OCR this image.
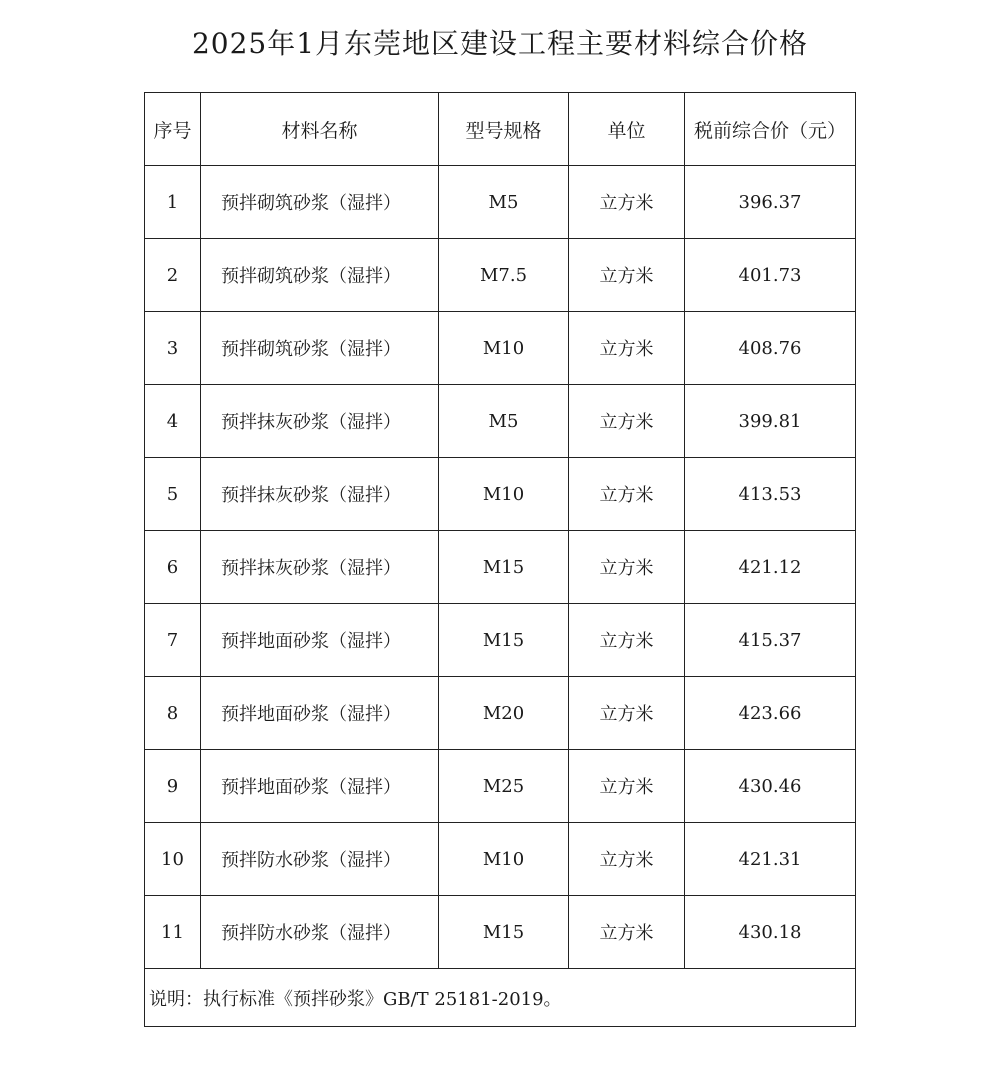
2025年1月东莞地区建设工程主要材料综合价格
序号	材料名称	型号规格	单位	税前综合价（元）
1	预拌砌筑砂浆（湿拌）	M5	立方米	396.37
2	预拌砌筑砂浆（湿拌）	M7.5	立方米	401.73
3	预拌砌筑砂浆（湿拌）	M10	立方米	408.76
4	预拌抹灰砂浆（湿拌）	M5	立方米	399.81
5	预拌抹灰砂浆（湿拌）	M10	立方米	413.53
6	预拌抹灰砂浆（湿拌）	M15	立方米	421.12
7	预拌地面砂浆（湿拌）	M15	立方米	415.37
8	预拌地面砂浆（湿拌）	M20	立方米	423.66
9	预拌地面砂浆（湿拌）	M25	立方米	430.46
10	预拌防水砂浆（湿拌）	M10	立方米	421.31
11	预拌防水砂浆（湿拌）	M15	立方米	430.18
说明：执行标准《预拌砂浆》GB/T 25181-2019。				
